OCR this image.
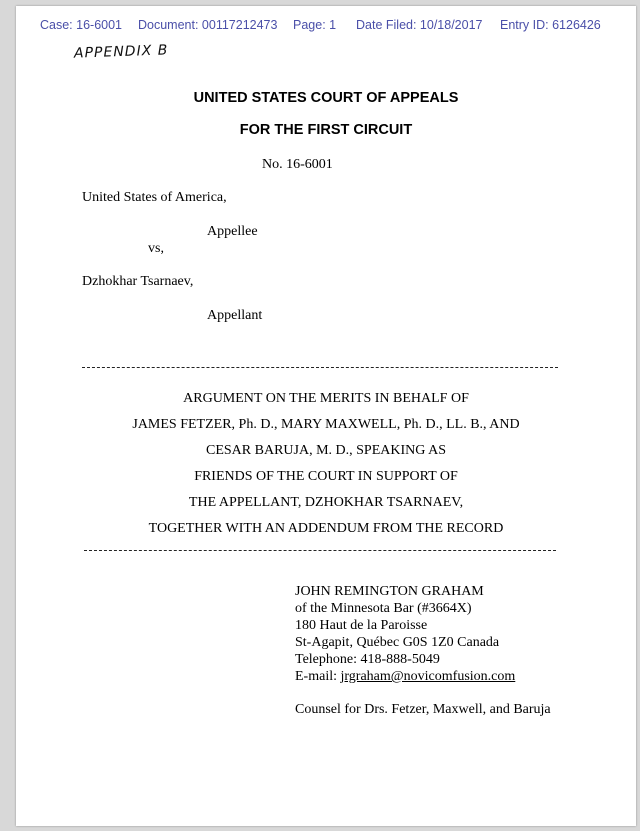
Case: 16-6001 Document: 00117212473 Page: 1 Date Filed: 10/18/2017 Entry ID: 6126426
APPENDIX B
UNITED STATES COURT OF APPEALS
FOR THE FIRST CIRCUIT
No. 16-6001
United States of America,
Appellee
vs,
Dzhokhar Tsarnaev,
Appellant
ARGUMENT ON THE MERITS IN BEHALF OF
JAMES FETZER, Ph. D., MARY MAXWELL, Ph. D., LL. B., AND
CESAR BARUJA, M. D., SPEAKING AS
FRIENDS OF THE COURT IN SUPPORT OF
THE APPELLANT, DZHOKHAR TSARNAEV,
TOGETHER WITH AN ADDENDUM FROM THE RECORD
JOHN REMINGTON GRAHAM
of the Minnesota Bar (#3664X)
180 Haut de la Paroisse
St-Agapit, Québec G0S 1Z0 Canada
Telephone: 418-888-5049
E-mail: jrgraham@novicomfusion.com
Counsel for Drs. Fetzer, Maxwell, and Baruja
